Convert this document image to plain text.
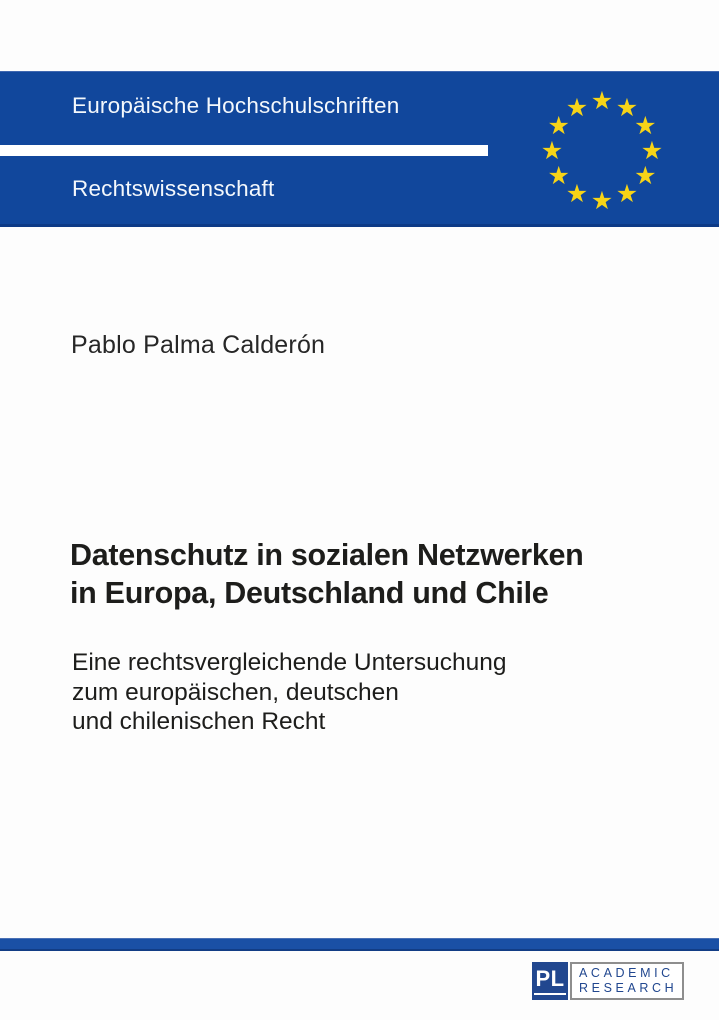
Europäische Hochschulschriften
Rechtswissenschaft
★ ★
★
★
★
★
★
★
★
★
★
★
Pablo Palma Calderón
Datenschutz in sozialen Netzwerken
in Europa, Deutschland und Chile
Eine rechtsvergleichende Untersuchung
zum europäischen, deutschen
und chilenischen Recht
PL ACADEMIC
RESEARCH
